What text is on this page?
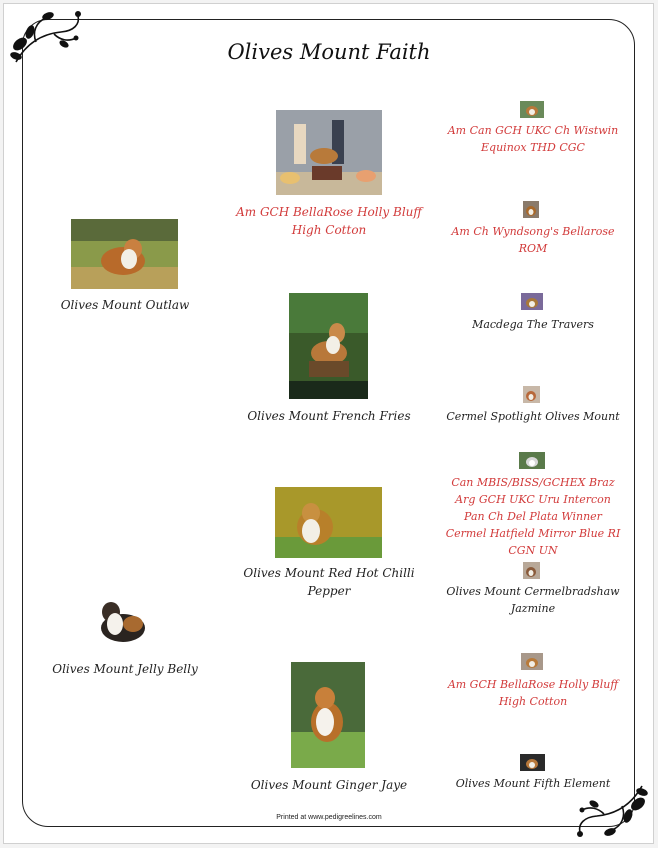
Olives Mount Faith
Olives Mount Outlaw
Olives Mount Jelly Belly
Am GCH BellaRose Holly Bluff High Cotton
Olives Mount French Fries
Olives Mount Red Hot Chilli Pepper
Olives Mount Ginger Jaye
Am Can GCH UKC Ch Wistwin Equinox THD CGC
Am Ch Wyndsong's Bellarose ROM
Macdega The Travers
Cermel Spotlight Olives Mount
Can MBIS/BISS/GCHEX Braz Arg GCH UKC Uru Intercon Pan Ch Del Plata Winner Cermel Hatfield Mirror Blue RI CGN UN
Olives Mount Cermelbradshaw Jazmine
Am GCH BellaRose Holly Bluff High Cotton
Olives Mount Fifth Element
Printed at www.pedigreelines.com
